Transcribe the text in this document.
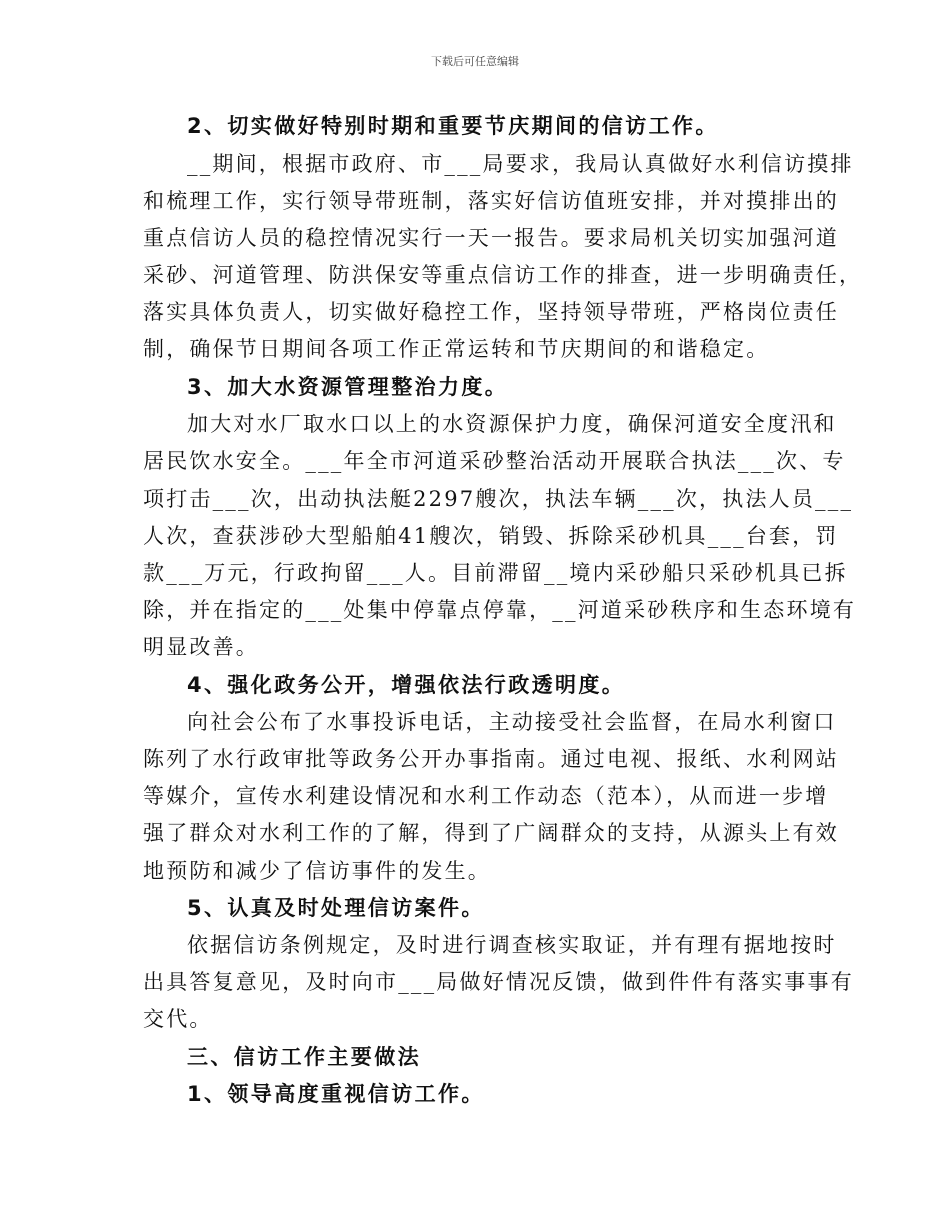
下载后可任意编辑
2、切实做好特别时期和重要节庆期间的信访工作。
__期间，根据市政府、市___局要求，我局认真做好水利信访摸排
和梳理工作，实行领导带班制，落实好信访值班安排，并对摸排出的
重点信访人员的稳控情况实行一天一报告。要求局机关切实加强河道
采砂、河道管理、防洪保安等重点信访工作的排查，进一步明确责任，
落实具体负责人，切实做好稳控工作，坚持领导带班，严格岗位责任
制，确保节日期间各项工作正常运转和节庆期间的和谐稳定。
3、加大水资源管理整治力度。
加大对水厂取水口以上的水资源保护力度，确保河道安全度汛和
居民饮水安全。___年全市河道采砂整治活动开展联合执法___次、专
项打击___次，出动执法艇2297艘次，执法车辆___次，执法人员___
人次，查获涉砂大型船舶41艘次，销毁、拆除采砂机具___台套，罚
款___万元，行政拘留___人。目前滞留__境内采砂船只采砂机具已拆
除，并在指定的___处集中停靠点停靠，__河道采砂秩序和生态环境有
明显改善。
4、强化政务公开，增强依法行政透明度。
向社会公布了水事投诉电话，主动接受社会监督，在局水利窗口
陈列了水行政审批等政务公开办事指南。通过电视、报纸、水利网站
等媒介，宣传水利建设情况和水利工作动态（范本），从而进一步增
强了群众对水利工作的了解，得到了广阔群众的支持，从源头上有效
地预防和减少了信访事件的发生。
5、认真及时处理信访案件。
依据信访条例规定，及时进行调查核实取证，并有理有据地按时
出具答复意见，及时向市___局做好情况反馈，做到件件有落实事事有
交代。
三、信访工作主要做法
1、领导高度重视信访工作。
